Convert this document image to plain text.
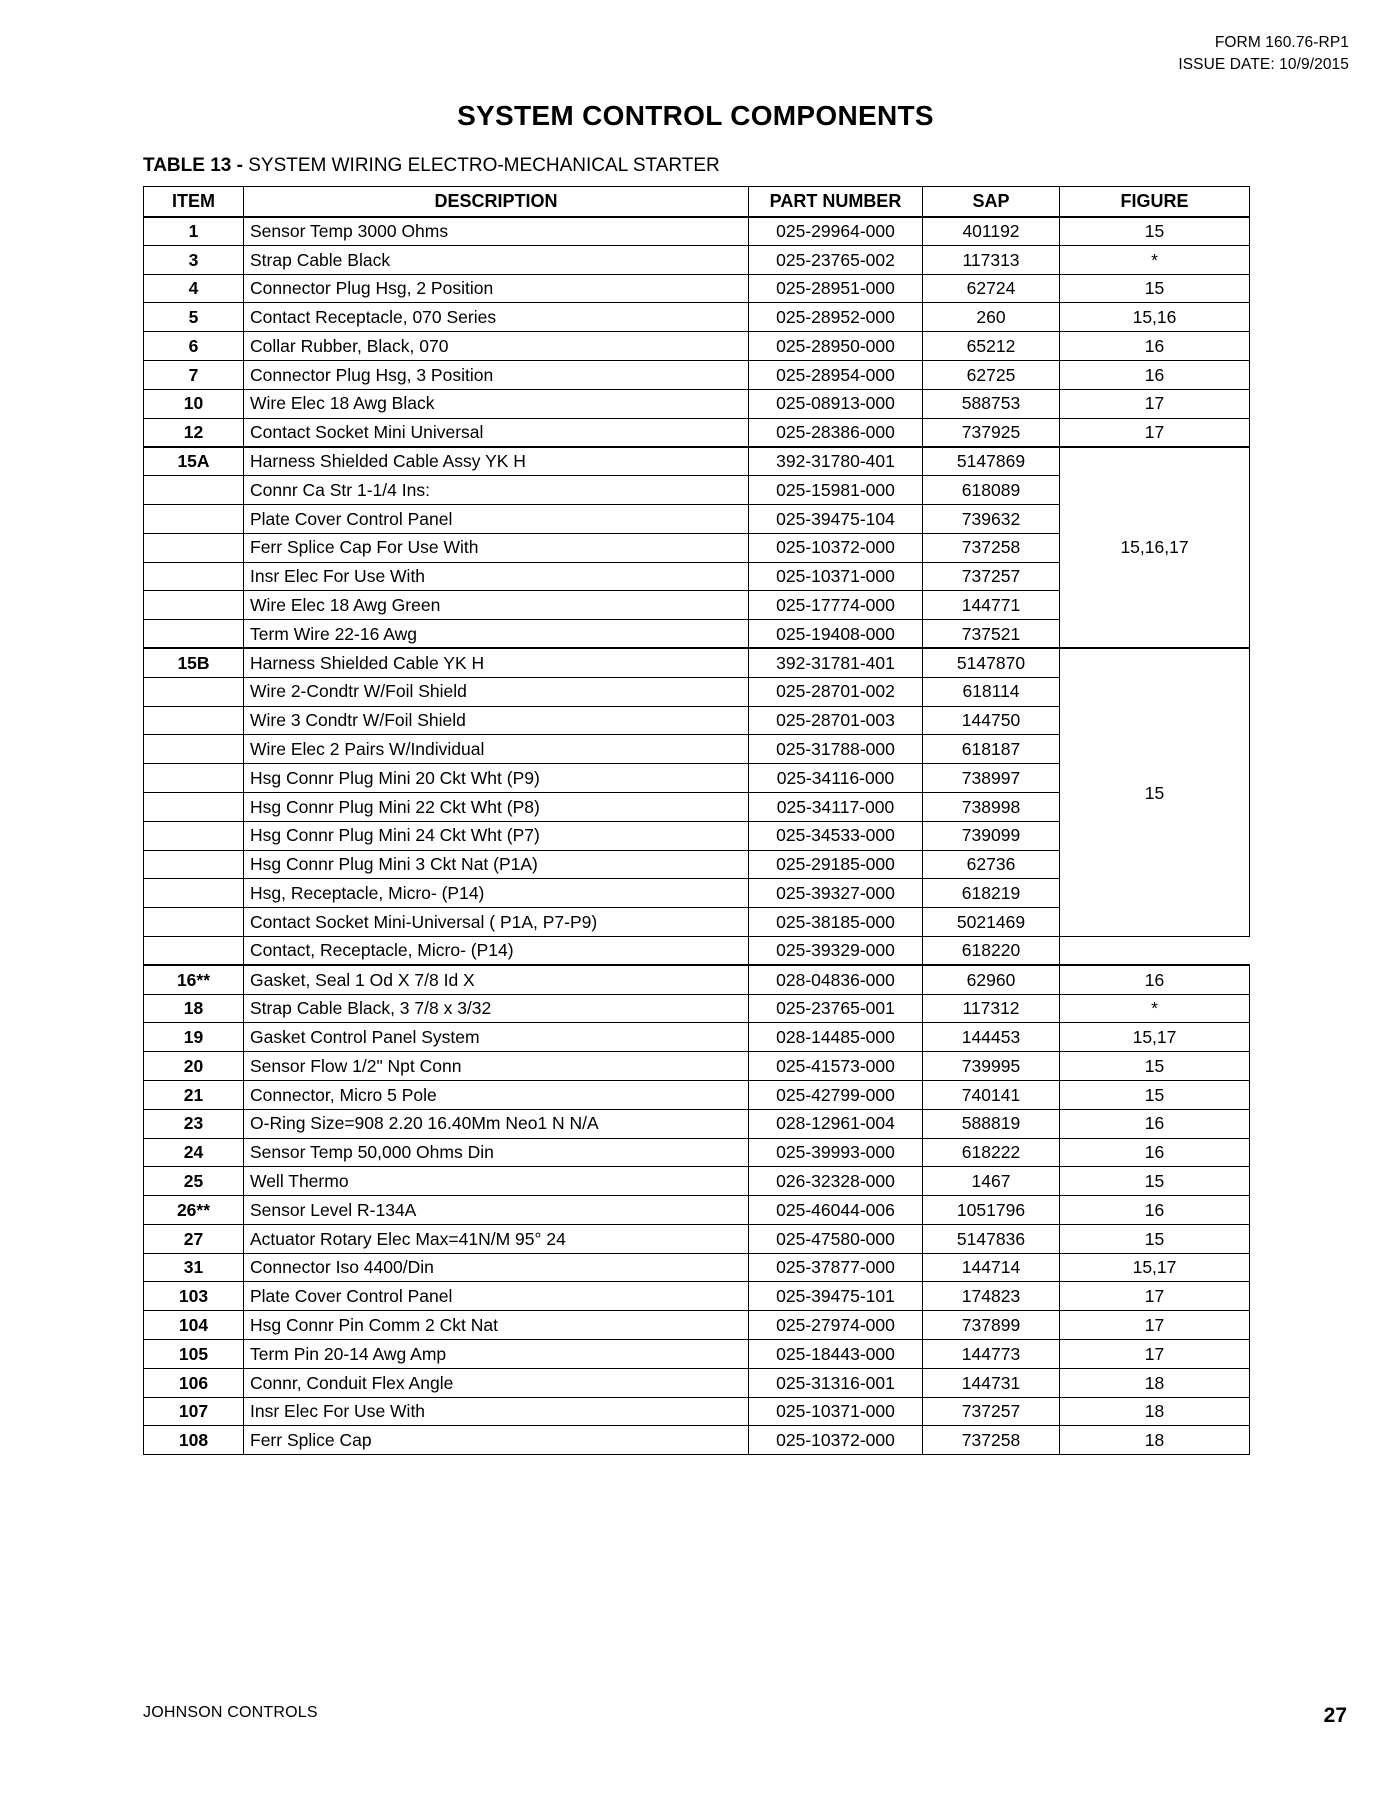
FORM 160.76-RP1
ISSUE DATE: 10/9/2015
SYSTEM CONTROL COMPONENTS
TABLE 13 - SYSTEM WIRING ELECTRO-MECHANICAL STARTER
ITEM	DESCRIPTION	PART NUMBER	SAP	FIGURE
1	Sensor Temp 3000 Ohms	025-29964-000	401192	15
3	Strap Cable Black	025-23765-002	117313	*
4	Connector Plug Hsg, 2 Position	025-28951-000	62724	15
5	Contact Receptacle, 070 Series	025-28952-000	260	15,16
6	Collar Rubber, Black, 070	025-28950-000	65212	16
7	Connector Plug Hsg, 3 Position	025-28954-000	62725	16
10	Wire Elec 18 Awg Black	025-08913-000	588753	17
12	Contact Socket Mini Universal	025-28386-000	737925	17
15A	Harness Shielded Cable Assy YK H	392-31780-401	5147869	15,16,17
	Connr Ca Str 1-1/4 Ins:	025-15981-000	618089	
	Plate Cover Control Panel	025-39475-104	739632	
	Ferr Splice Cap For Use With	025-10372-000	737258	
	Insr Elec For Use With	025-10371-000	737257	
	Wire Elec 18 Awg Green	025-17774-000	144771	
	Term Wire 22-16 Awg	025-19408-000	737521	
15B	Harness Shielded Cable YK H	392-31781-401	5147870	15
	Wire 2-Condtr W/Foil Shield	025-28701-002	618114	
	Wire 3 Condtr W/Foil Shield	025-28701-003	144750	
	Wire Elec 2 Pairs W/Individual	025-31788-000	618187	
	Hsg Connr Plug Mini 20 Ckt Wht (P9)	025-34116-000	738997	
	Hsg Connr Plug Mini 22 Ckt Wht (P8)	025-34117-000	738998	
	Hsg Connr Plug Mini 24 Ckt Wht (P7)	025-34533-000	739099	
	Hsg Connr Plug Mini 3 Ckt Nat (P1A)	025-29185-000	62736	
	Hsg, Receptacle, Micro- (P14)	025-39327-000	618219	
	Contact Socket Mini-Universal ( P1A, P7-P9)	025-38185-000	5021469	
	Contact, Receptacle, Micro- (P14)	025-39329-000	618220	
16**	Gasket, Seal 1 Od X 7/8 Id X	028-04836-000	62960	16
18	Strap Cable Black, 3 7/8 x 3/32	025-23765-001	117312	*
19	Gasket Control Panel System	028-14485-000	144453	15,17
20	Sensor Flow 1/2" Npt Conn	025-41573-000	739995	15
21	Connector, Micro 5 Pole	025-42799-000	740141	15
23	O-Ring Size=908 2.20 16.40Mm Neo1 N N/A	028-12961-004	588819	16
24	Sensor Temp 50,000 Ohms Din	025-39993-000	618222	16
25	Well Thermo	026-32328-000	1467	15
26**	Sensor Level R-134A	025-46044-006	1051796	16
27	Actuator Rotary Elec Max=41N/M 95° 24	025-47580-000	5147836	15
31	Connector Iso 4400/Din	025-37877-000	144714	15,17
103	Plate Cover Control Panel	025-39475-101	174823	17
104	Hsg Connr Pin Comm 2 Ckt Nat	025-27974-000	737899	17
105	Term Pin 20-14 Awg Amp	025-18443-000	144773	17
106	Connr, Conduit Flex Angle	025-31316-001	144731	18
107	Insr Elec For Use With	025-10371-000	737257	18
108	Ferr Splice Cap	025-10372-000	737258	18
JOHNSON CONTROLS	27
